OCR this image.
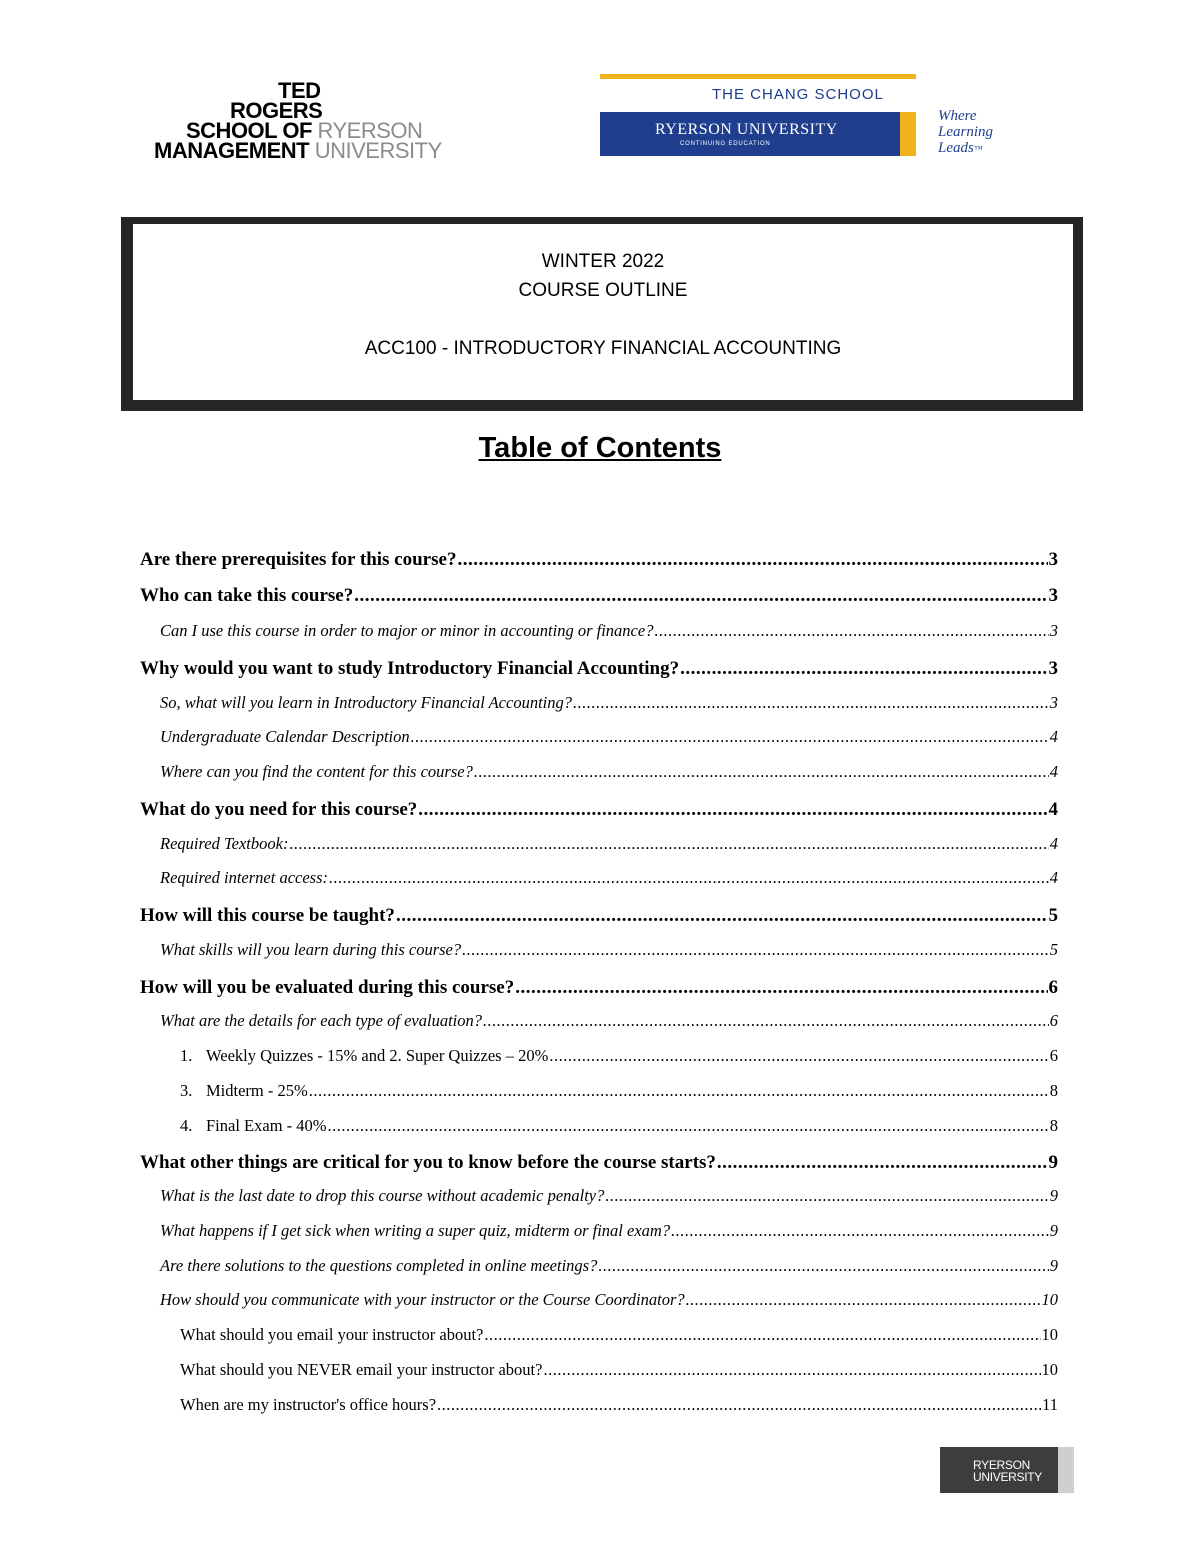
TED
ROGERS
SCHOOL OF RYERSON
MANAGEMENT UNIVERSITY
THE CHANG SCHOOL
RYERSON UNIVERSITY
CONTINUING EDUCATION
Where
Learning
Leads™
WINTER 2022
COURSE OUTLINE
ACC100 - INTRODUCTORY FINANCIAL ACCOUNTING
Table of Contents
Are there prerequisites for this course? .....	3
Who can take this course? .....	3
Can I use this course in order to major or minor in accounting or finance? .....	3
Why would you want to study Introductory Financial Accounting? .....	3
So, what will you learn in Introductory Financial Accounting? .....	3
Undergraduate Calendar Description .....	4
Where can you find the content for this course? .....	4
What do you need for this course? .....	4
Required Textbook: .....	4
Required internet access: .....	4
How will this course be taught? .....	5
What skills will you learn during this course? .....	5
How will you be evaluated during this course? .....	6
What are the details for each type of evaluation? .....	6
1. Weekly Quizzes - 15% and 2. Super Quizzes – 20% .....	6
3. Midterm - 25% .....	8
4. Final Exam - 40% .....	8
What other things are critical for you to know before the course starts? .....	9
What is the last date to drop this course without academic penalty? .....	9
What happens if I get sick when writing a super quiz, midterm or final exam? .....	9
Are there solutions to the questions completed in online meetings? .....	9
How should you communicate with your instructor or the Course Coordinator? .....	10
What should you email your instructor about? .....	10
What should you NEVER email your instructor about? .....	10
When are my instructor's office hours? .....	11
RYERSON
UNIVERSITY
